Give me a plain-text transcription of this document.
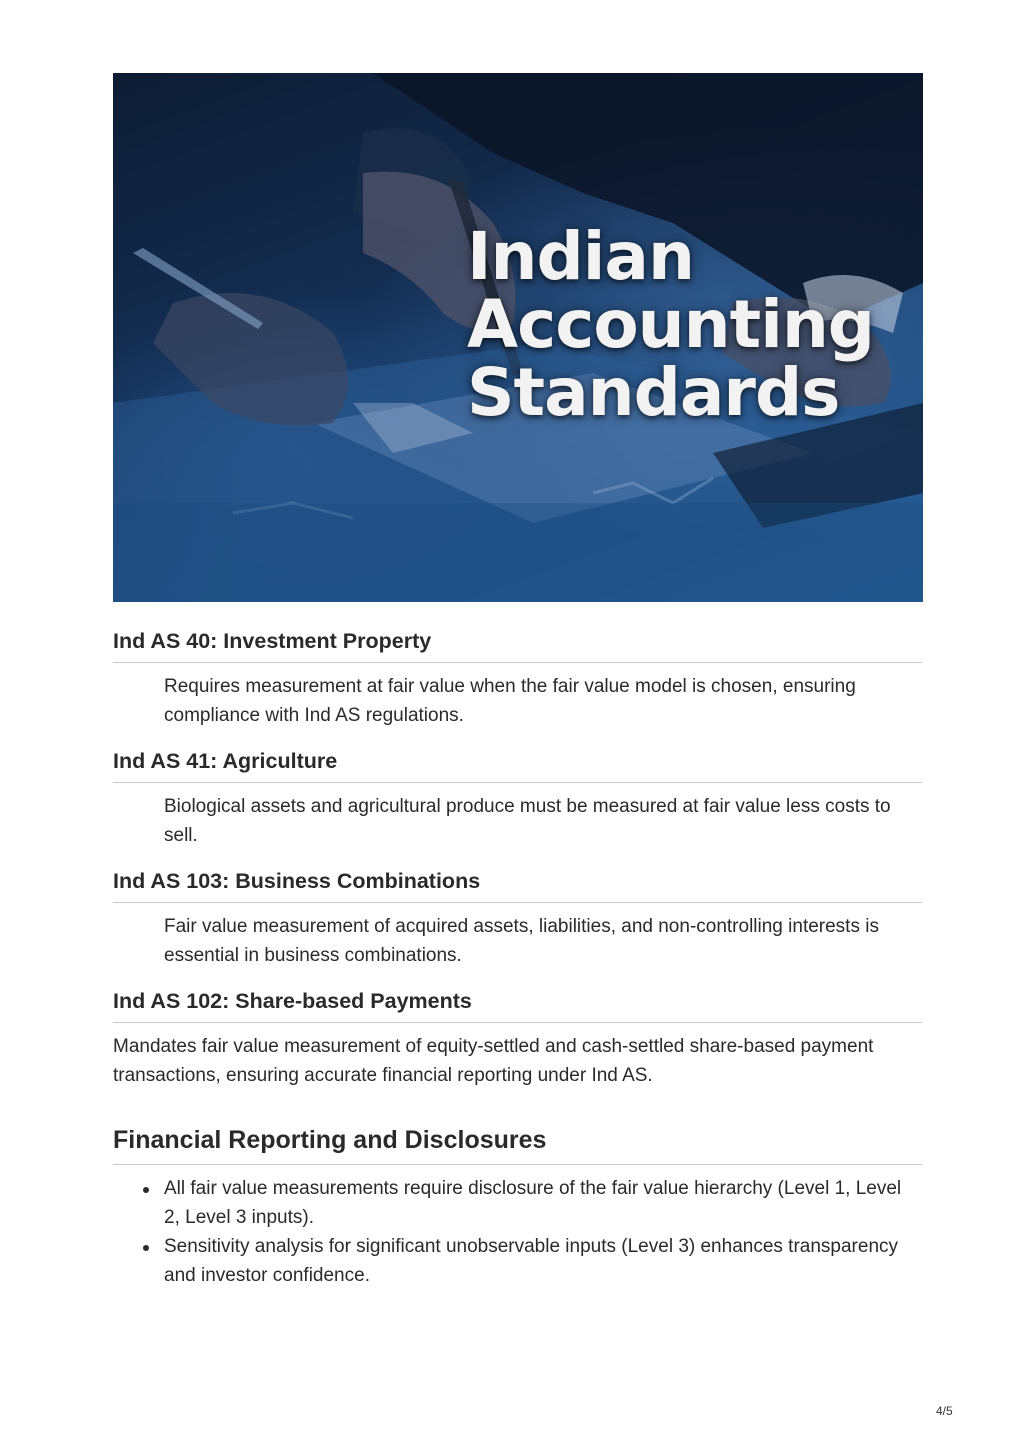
Indian
Accounting
Standards
Ind AS 40: Investment Property

Requires measurement at fair value when the fair value model is chosen, ensuring compliance with Ind AS regulations.

Ind AS 41: Agriculture

Biological assets and agricultural produce must be measured at fair value less costs to sell.

Ind AS 103: Business Combinations

Fair value measurement of acquired assets, liabilities, and non-controlling interests is essential in business combinations.

Ind AS 102: Share-based Payments

Mandates fair value measurement of equity-settled and cash-settled share-based payment transactions, ensuring accurate financial reporting under Ind AS.

Financial Reporting and Disclosures
All fair value measurements require disclosure of the fair value hierarchy (Level 1, Level 2, Level 3 inputs).
Sensitivity analysis for significant unobservable inputs (Level 3) enhances transparency and investor confidence.
4/5
